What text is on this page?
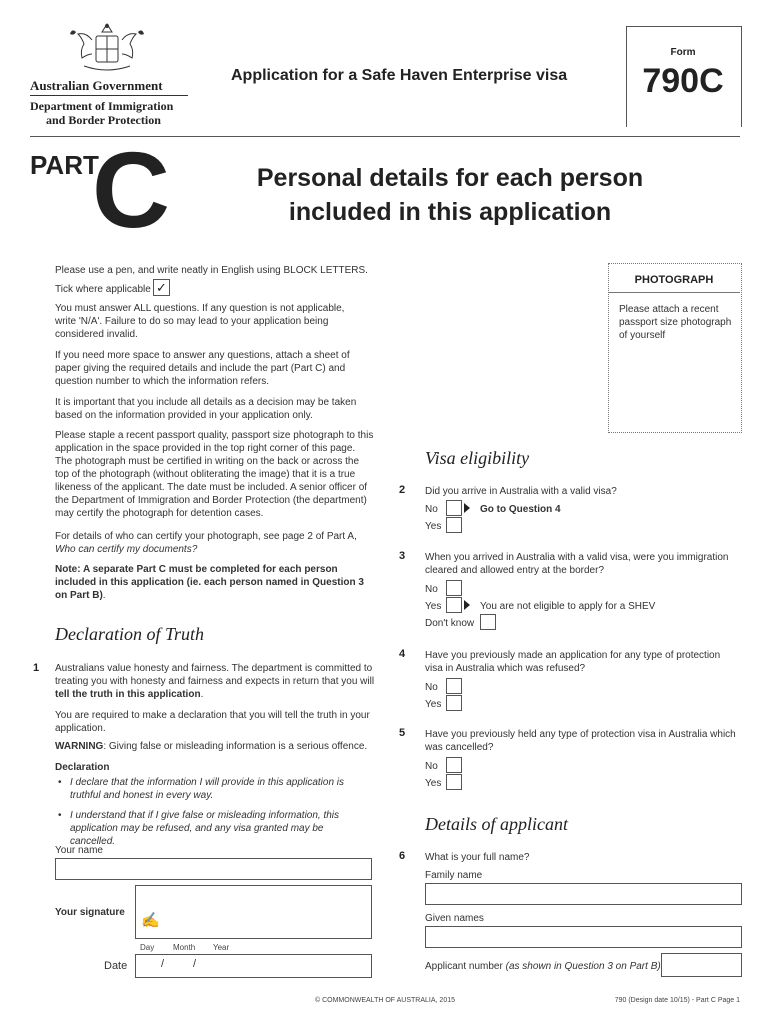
Australian Government
Department of Immigration
and Border Protection
Application for a Safe Haven Enterprise visa
Form
790C
PART
C	Personal details for each person
included in this application
Please use a pen, and write neatly in English using BLOCK LETTERS.
Tick where applicable ✓
You must answer ALL questions. If any question is not applicable, write 'N/A'. Failure to do so may lead to your application being considered invalid.
If you need more space to answer any questions, attach a sheet of paper giving the required details and include the part (Part C) and question number to which the information refers.
It is important that you include all details as a decision may be taken based on the information provided in your application only.
Please staple a recent passport quality, passport size photograph to this application in the space provided in the top right corner of this page. The photograph must be certified in writing on the back or across the top of the photograph (without obliterating the image) that it is a true likeness of the applicant. The date must be included. A senior officer of the Department of Immigration and Border Protection (the department) may certify the photograph for detention cases.
For details of who can certify your photograph, see page 2 of Part A,
Who can certify my documents?
Note: A separate Part C must be completed for each person included in this application (ie. each person named in Question 3 on Part B).
PHOTOGRAPH
Please attach a recent passport size photograph of yourself
Declaration of Truth
1 Australians value honesty and fairness. The department is committed to treating you with honesty and fairness and expects in return that you will tell the truth in this application.
You are required to make a declaration that you will tell the truth in your application.
WARNING: Giving false or misleading information is a serious offence.
Declaration
• I declare that the information I will provide in this application is truthful and honest in every way.
• I understand that if I give false or misleading information, this application may be refused, and any visa granted may be cancelled.
Your name
Your signature ✍
Day Month Year
Date	/	/
Visa eligibility
2 Did you arrive in Australia with a valid visa?
No	Go to Question 4
Yes
3 When you arrived in Australia with a valid visa, were you immigration cleared and allowed entry at the border?
No
Yes	You are not eligible to apply for a SHEV
Don't know
4 Have you previously made an application for any type of protection visa in Australia which was refused?
No
Yes
5 Have you previously held any type of protection visa in Australia which was cancelled?
No
Yes
Details of applicant
6 What is your full name?
Family name
Given names
Applicant number (as shown in Question 3 on Part B)
© COMMONWEALTH OF AUSTRALIA, 2015	790 (Design date 10/15) - Part C Page 1
